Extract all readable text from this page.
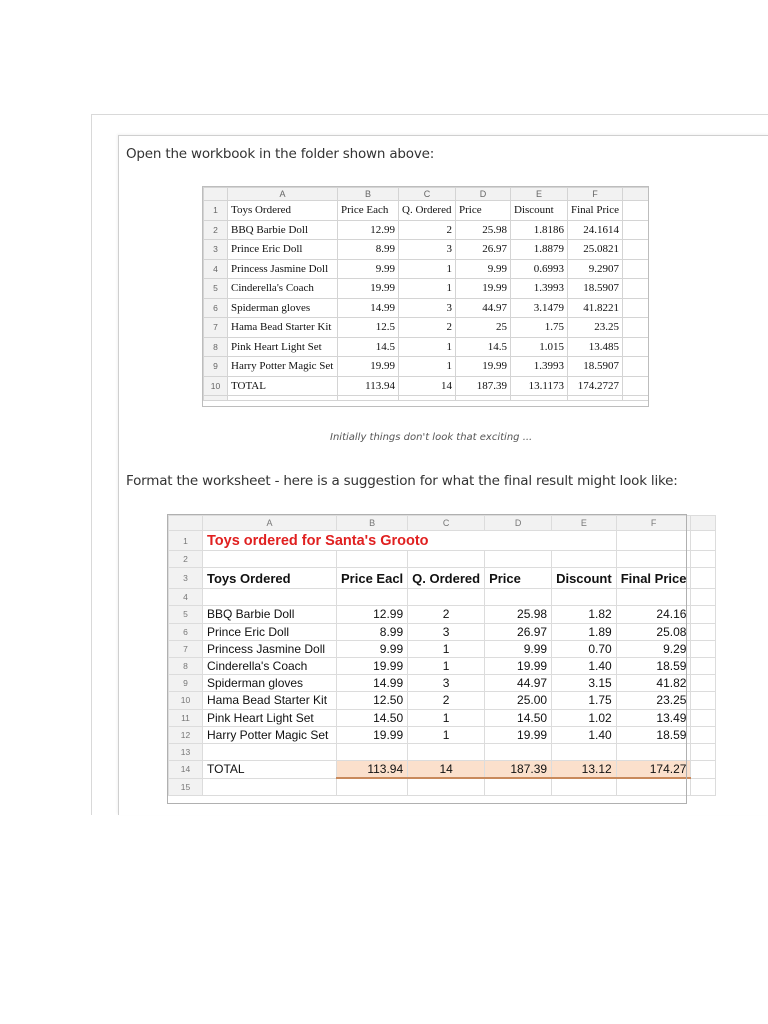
Open the workbook in the folder shown above:
	A	B	C	D	E	F	
1	Toys Ordered	Price Each	Q. Ordered	Price	Discount	Final Price	
2	BBQ Barbie Doll	12.99	2	25.98	1.8186	24.1614	
3	Prince Eric Doll	8.99	3	26.97	1.8879	25.0821	
4	Princess Jasmine Doll	9.99	1	9.99	0.6993	9.2907	
5	Cinderella's Coach	19.99	1	19.99	1.3993	18.5907	
6	Spiderman gloves	14.99	3	44.97	3.1479	41.8221	
7	Hama Bead Starter Kit	12.5	2	25	1.75	23.25	
8	Pink Heart Light Set	14.5	1	14.5	1.015	13.485	
9	Harry Potter Magic Set	19.99	1	19.99	1.3993	18.5907	
10	TOTAL	113.94	14	187.39	13.1173	174.2727	

Initially things don't look that exciting ...
Format the worksheet - here is a suggestion for what the final result might look like:
	A	B	C	D	E	F	
1	Toys ordered for Santa's Grooto						
2							
3	Toys Ordered	Price Eacl	Q. Ordered	Price	Discount	Final Price	
4							
5	BBQ Barbie Doll	12.99	2	25.98	1.82	24.16	
6	Prince Eric Doll	8.99	3	26.97	1.89	25.08	
7	Princess Jasmine Doll	9.99	1	9.99	0.70	9.29	
8	Cinderella's Coach	19.99	1	19.99	1.40	18.59	
9	Spiderman gloves	14.99	3	44.97	3.15	41.82	
10	Hama Bead Starter Kit	12.50	2	25.00	1.75	23.25	
11	Pink Heart Light Set	14.50	1	14.50	1.02	13.49	
12	Harry Potter Magic Set	19.99	1	19.99	1.40	18.59	
13							
14	TOTAL	113.94	14	187.39	13.12	174.27	
15							
